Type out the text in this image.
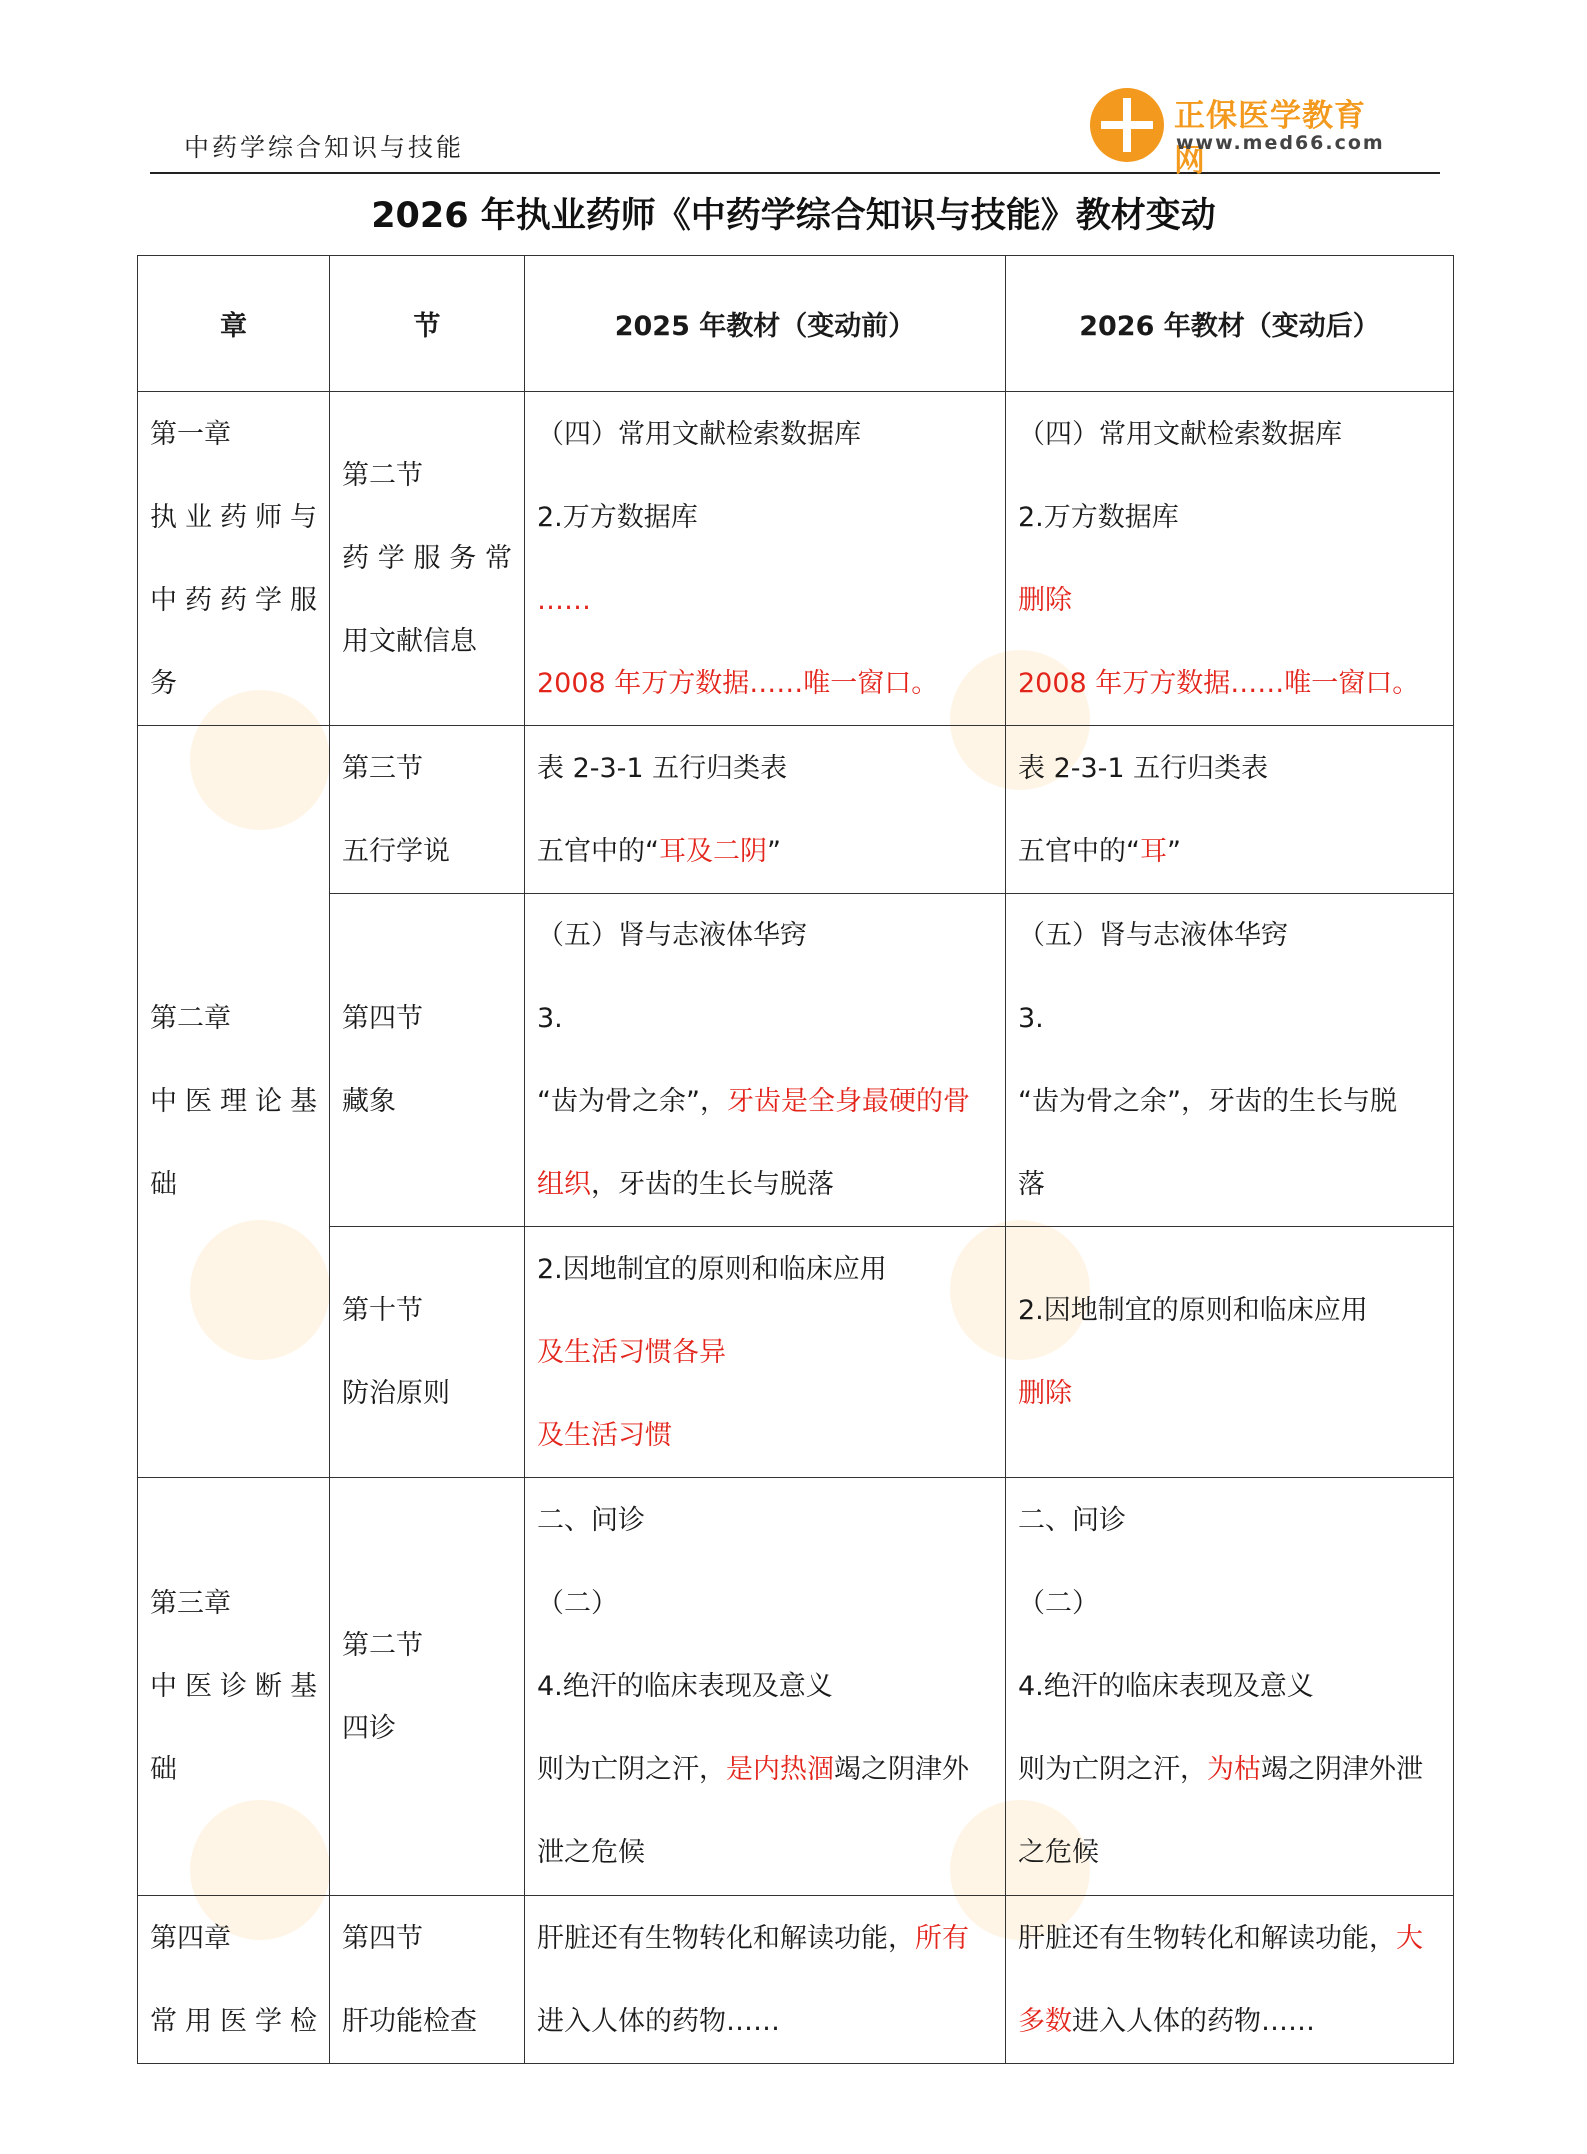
中药学综合知识与技能
正保医学教育网
www.med66.com
2026 年执业药师《中药学综合知识与技能》教材变动
章	节	2025 年教材（变动前）	2026 年教材（变动后）

第一章
执业药师与
中药药学服
务	第二节
药学服务常
用文献信息	（四）常用文献检索数据库
2.万方数据库
……
2008 年万方数据……唯一窗口。	（四）常用文献检索数据库
2.万方数据库
删除
2008 年万方数据……唯一窗口。

第二章
中医理论基
础	第三节
五行学说	表 2-3-1 五行归类表
五官中的“耳及二阴”	表 2-3-1 五行归类表
五官中的“耳”

	第四节
藏象	（五）肾与志液体华窍
3.
“齿为骨之余”，牙齿是全身最硬的骨
组织，牙齿的生长与脱落	（五）肾与志液体华窍
3.
“齿为骨之余”，牙齿的生长与脱
落

	第十节
防治原则	2.因地制宜的原则和临床应用
及生活习惯各异
及生活习惯	2.因地制宜的原则和临床应用
删除

第三章
中医诊断基
础	第二节
四诊	二、问诊
（二）
4.绝汗的临床表现及意义
则为亡阴之汗，是内热涸竭之阴津外
泄之危候	二、问诊
（二）
4.绝汗的临床表现及意义
则为亡阴之汗，为枯竭之阴津外泄
之危候

第四章
常用医学检	第四节
肝功能检查	肝脏还有生物转化和解读功能，所有
进入人体的药物……	肝脏还有生物转化和解读功能，大
多数进入人体的药物……
